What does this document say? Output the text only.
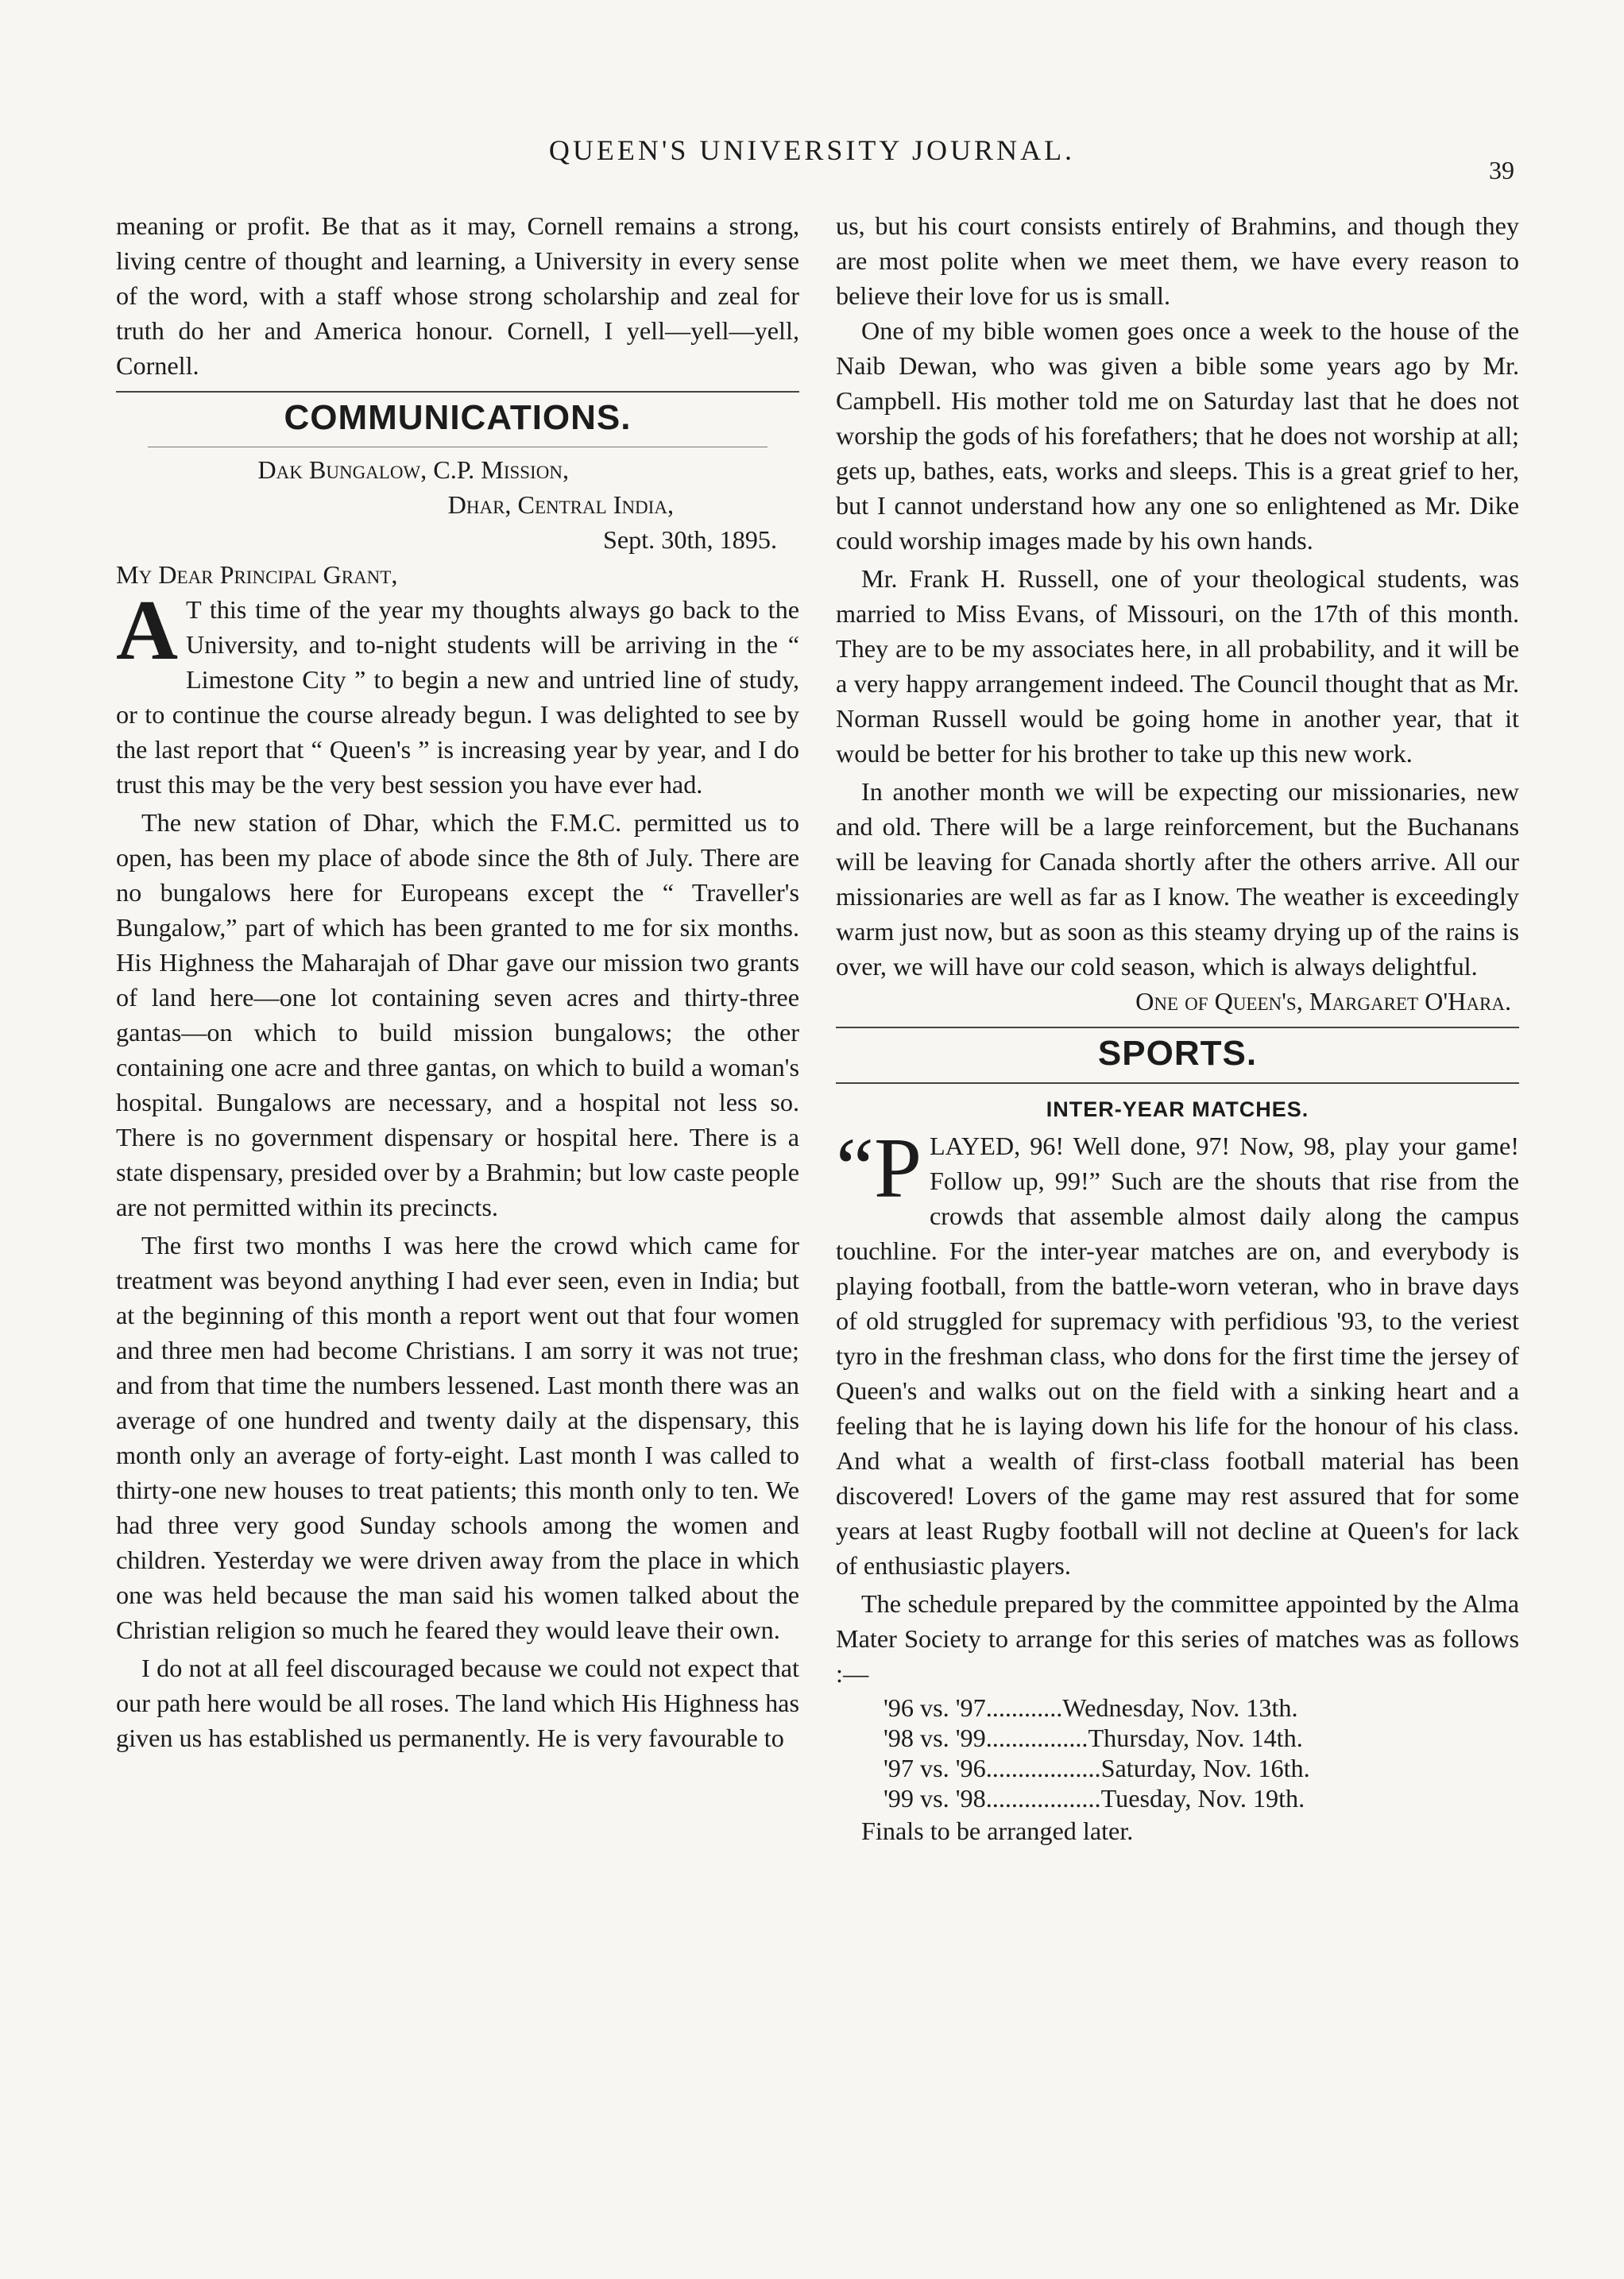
QUEEN'S UNIVERSITY JOURNAL.
39

meaning or profit. Be that as it may, Cornell remains a strong, living centre of thought and learning, a University in every sense of the word, with a staff whose strong scholarship and zeal for truth do her and America honour. Cornell, I yell—yell—yell, Cornell.

COMMUNICATIONS.
Dak Bungalow, C.P. Mission,
Dhar, Central India,
Sept. 30th, 1895.
My Dear Principal Grant,

A T this time of the year my thoughts always go back to the University, and to-night students will be arriving in the “ Limestone City ” to begin a new and untried line of study, or to continue the course already begun. I was delighted to see by the last report that “ Queen's ” is increasing year by year, and I do trust this may be the very best session you have ever had.

The new station of Dhar, which the F.M.C. permitted us to open, has been my place of abode since the 8th of July. There are no bungalows here for Europeans except the “ Traveller's Bungalow,” part of which has been granted to me for six months. His Highness the Maharajah of Dhar gave our mission two grants of land here—one lot containing seven acres and thirty-three gantas—on which to build mission bungalows; the other containing one acre and three gantas, on which to build a woman's hospital. Bungalows are necessary, and a hospital not less so. There is no government dispensary or hospital here. There is a state dispensary, presided over by a Brahmin; but low caste people are not permitted within its precincts.

The first two months I was here the crowd which came for treatment was beyond anything I had ever seen, even in India; but at the beginning of this month a report went out that four women and three men had become Christians. I am sorry it was not true; and from that time the numbers lessened. Last month there was an average of one hundred and twenty daily at the dispensary, this month only an average of forty-eight. Last month I was called to thirty-one new houses to treat patients; this month only to ten. We had three very good Sunday schools among the women and children. Yesterday we were driven away from the place in which one was held because the man said his women talked about the Christian religion so much he feared they would leave their own.

I do not at all feel discouraged because we could not expect that our path here would be all roses. The land which His Highness has given us has established us permanently. He is very favourable to

us, but his court consists entirely of Brahmins, and though they are most polite when we meet them, we have every reason to believe their love for us is small.

One of my bible women goes once a week to the house of the Naib Dewan, who was given a bible some years ago by Mr. Campbell. His mother told me on Saturday last that he does not worship the gods of his forefathers; that he does not worship at all; gets up, bathes, eats, works and sleeps. This is a great grief to her, but I cannot understand how any one so enlightened as Mr. Dike could worship images made by his own hands.

Mr. Frank H. Russell, one of your theological students, was married to Miss Evans, of Missouri, on the 17th of this month. They are to be my associates here, in all probability, and it will be a very happy arrangement indeed. The Council thought that as Mr. Norman Russell would be going home in another year, that it would be better for his brother to take up this new work.

In another month we will be expecting our missionaries, new and old. There will be a large reinforcement, but the Buchanans will be leaving for Canada shortly after the others arrive. All our missionaries are well as far as I know. The weather is exceedingly warm just now, but as soon as this steamy drying up of the rains is over, we will have our cold season, which is always delightful.

One of Queen's, Margaret O'Hara.
SPORTS.
INTER-YEAR MATCHES.

“P LAYED, 96! Well done, 97! Now, 98, play your game! Follow up, 99!” Such are the shouts that rise from the crowds that assemble almost daily along the campus touchline. For the inter-year matches are on, and everybody is playing football, from the battle-worn veteran, who in brave days of old struggled for supremacy with perfidious '93, to the veriest tyro in the freshman class, who dons for the first time the jersey of Queen's and walks out on the field with a sinking heart and a feeling that he is laying down his life for the honour of his class. And what a wealth of first-class football material has been discovered! Lovers of the game may rest assured that for some years at least Rugby football will not decline at Queen's for lack of enthusiastic players.

The schedule prepared by the committee appointed by the Alma Mater Society to arrange for this series of matches was as follows :—

'96 vs. '97............Wednesday, Nov. 13th.
'98 vs. '99................Thursday, Nov. 14th.
'97 vs. '96..................Saturday, Nov. 16th.
'99 vs. '98..................Tuesday, Nov. 19th.

Finals to be arranged later.
